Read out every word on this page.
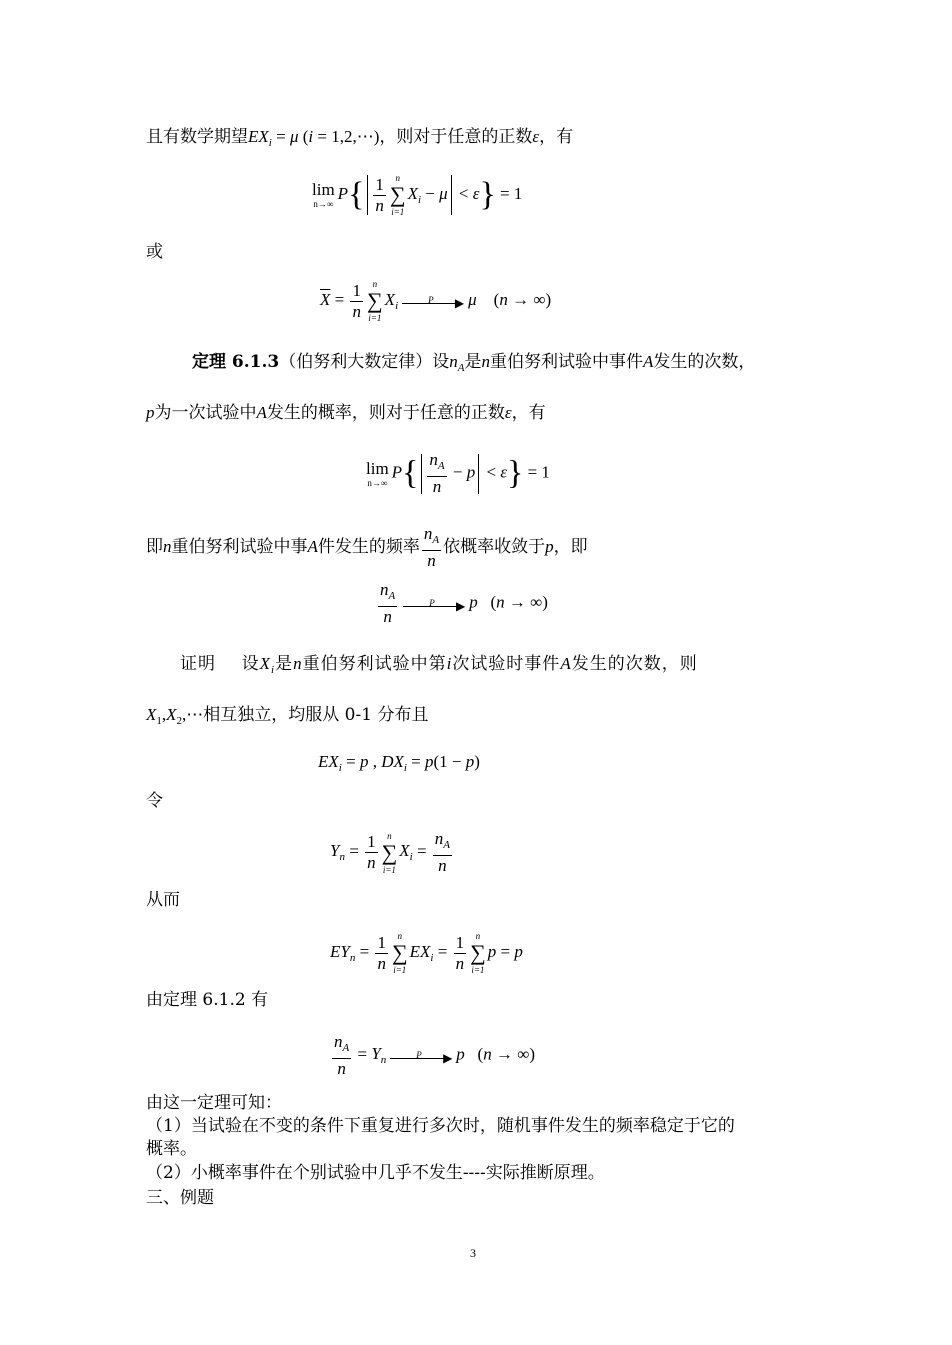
且有数学期望$EX_i = \mu$ (i = 1,2,⋯)，则对于任意的正数ε，有
lim
n→∞
$P\{ \frac{1}{n}$	n
∑
i=1
$X_i - \mu < \varepsilon\} = 1$
或
$\overline{X} = \frac{1}{n}$	n
∑
i=1
$X_i$	P ▶ μ    (n → ∞)
定理 6.1.3（伯努利大数定律）设$n_A$是n重伯努利试验中事件A发生的次数，
p为一次试验中A发生的概率，则对于任意的正数ε，有
lim
n→∞
$P\{ \frac{n_A}{n} - p < \varepsilon\} = 1$
即n重伯努利试验中事A件发生的频率 $\frac{n_A}{n}$ 依概率收敛于p，即
$\frac{n_A}{n}$	P ▶ p   (n → ∞)
证明 设$X_i$是n重伯努利试验中第i次试验时事件A发生的次数，则
$X_1,X_2,\cdots$相互独立，均服从 0-1 分布且
$EX_i = p$ , $DX_i = p(1 - p)$
令
$Y_n = \frac{1}{n}$	n
∑
i=1
$X_i = \frac{n_A}{n}$
从而
$EY_n = \frac{1}{n}$	n
∑
i=1
$EX_i = \frac{1}{n}$	n
∑
i=1
p = p
由定理 6.1.2 有
$\frac{n_A}{n} = Y_n$	P ▶ p   (n → ∞)
由这一定理可知：
（1）当试验在不变的条件下重复进行多次时，随机事件发生的频率稳定于它的
概率。
（2）小概率事件在个别试验中几乎不发生----实际推断原理。
三、例题
3
